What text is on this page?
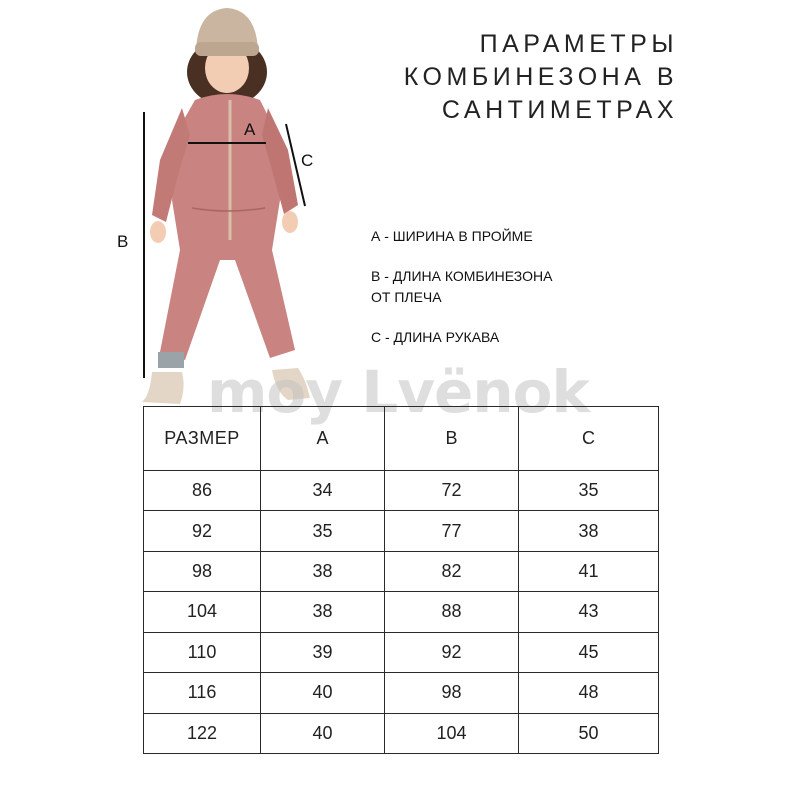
ПАРАМЕТРЫ
КОМБИНЕЗОНА В
САНТИМЕТРАХ
А
В
С
А - ШИРИНА В ПРОЙМЕ
В - ДЛИНА КОМБИНЕЗОНА
ОТ ПЛЕЧА
С - ДЛИНА РУКАВА
moy Lvёnok
РАЗМЕР	А	В	С
86	34	72	35
92	35	77	38
98	38	82	41
104	38	88	43
110	39	92	45
116	40	98	48
122	40	104	50
